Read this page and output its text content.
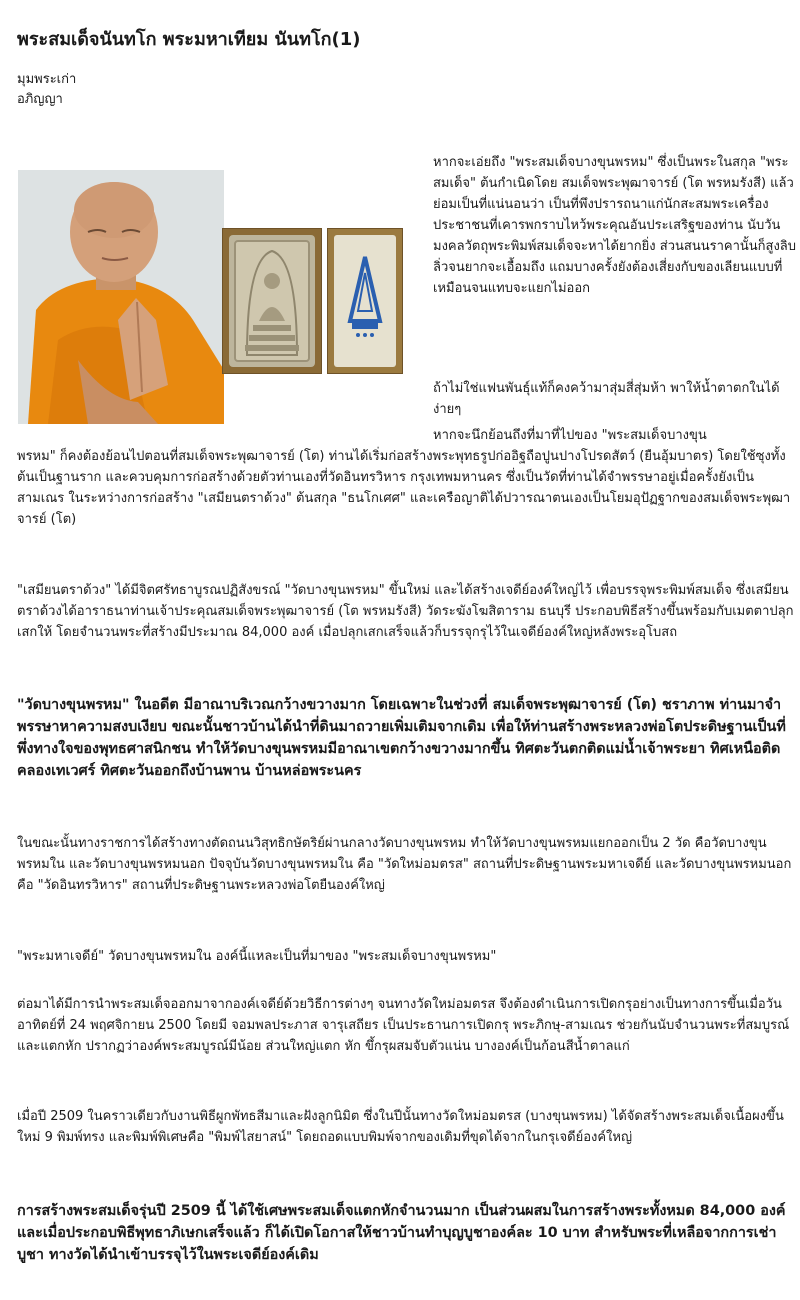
พระสมเด็จนันทโก พระมหาเทียม นันทโก(1)
มุมพระเก่า
อภิญญา

หากจะเอ่ยถึง "พระสมเด็จบางขุนพรหม" ซึ่งเป็นพระในสกุล "พระสมเด็จ" ต้นกำเนิดโดย สมเด็จพระพุฒาจารย์ (โต พรหมรังสี) แล้ว ย่อมเป็นที่แน่นอนว่า เป็นที่พึงปรารถนาแก่นักสะสมพระเครื่องประชาชนที่เคารพกราบไหว้พระคุณอันประเสริฐของท่าน นับวันมงคลวัตถุพระพิมพ์สมเด็จจะหาได้ยากยิ่ง ส่วนสนนราคานั้นก็สูงลิบลิ่วจนยากจะเอื้อมถึง แถมบางครั้งยังต้องเสี่ยงกับของเลียนแบบที่เหมือนจนแทบจะแยกไม่ออก

ถ้าไม่ใช่แฟนพันธุ์แท้ก็คงคว้ามาสุ่มสี่สุ่มห้า พาให้น้ำตาตกในได้ง่ายๆ

หากจะนึกย้อนถึงที่มาที่ไปของ "พระสมเด็จบางขุน

พรหม" ก็คงต้องย้อนไปตอนที่สมเด็จพระพุฒาจารย์ (โต) ท่านได้เริ่มก่อสร้างพระพุทธรูปก่ออิฐถือปูนปางโปรดสัตว์ (ยืนอุ้มบาตร) โดยใช้ซุงทั้งต้นเป็นฐานราก และควบคุมการก่อสร้างด้วยตัวท่านเองที่วัดอินทรวิหาร กรุงเทพมหานคร ซึ่งเป็นวัดที่ท่านได้จำพรรษาอยู่เมื่อครั้งยังเป็นสามเณร ในระหว่างการก่อสร้าง "เสมียนตราด้วง" ต้นสกุล "ธนโกเศศ" และเครือญาติได้ปวารณาตนเองเป็นโยมอุปัฏฐากของสมเด็จพระพุฒาจารย์ (โต)

"เสมียนตราด้วง" ได้มีจิตศรัทธาบูรณปฏิสังขรณ์ "วัดบางขุนพรหม" ขึ้นใหม่ และได้สร้างเจดีย์องค์ใหญ่ไว้ เพื่อบรรจุพระพิมพ์สมเด็จ ซึ่งเสมียนตราด้วงได้อาราธนาท่านเจ้าประคุณสมเด็จพระพุฒาจารย์ (โต พรหมรังสี) วัดระฆังโฆสิตาราม ธนบุรี ประกอบพิธีสร้างขึ้นพร้อมกับเมตตาปลุกเสกให้ โดยจำนวนพระที่สร้างมีประมาณ 84,000 องค์ เมื่อปลุกเสกเสร็จแล้วก็บรรจุกรุไว้ในเจดีย์องค์ใหญ่หลังพระอุโบสถ

"วัดบางขุนพรหม" ในอดีต มีอาณาบริเวณกว้างขวางมาก โดยเฉพาะในช่วงที่ สมเด็จพระพุฒาจารย์ (โต) ชราภาพ ท่านมาจำพรรษาหาความสงบเงียบ ขณะนั้นชาวบ้านได้นำที่ดินมาถวายเพิ่มเติมจากเดิม เพื่อให้ท่านสร้างพระหลวงพ่อโตประดิษฐานเป็นที่พึ่งทางใจของพุทธศาสนิกชน ทำให้วัดบางขุนพรหมมีอาณาเขตกว้างขวางมากขึ้น ทิศตะวันตกติดแม่น้ำเจ้าพระยา ทิศเหนือติดคลองเทเวศร์ ทิศตะวันออกถึงบ้านพาน บ้านหล่อพระนคร

ในขณะนั้นทางราชการได้สร้างทางตัดถนนวิสุทธิกษัตริย์ผ่านกลางวัดบางขุนพรหม ทำให้วัดบางขุนพรหมแยกออกเป็น 2 วัด คือวัดบางขุนพรหมใน และวัดบางขุนพรหมนอก ปัจจุบันวัดบางขุนพรหมใน คือ "วัดใหม่อมตรส" สถานที่ประดิษฐานพระมหาเจดีย์ และวัดบางขุนพรหมนอก คือ "วัดอินทรวิหาร" สถานที่ประดิษฐานพระหลวงพ่อโตยืนองค์ใหญ่

"พระมหาเจดีย์" วัดบางขุนพรหมใน องค์นี้แหละเป็นที่มาของ "พระสมเด็จบางขุนพรหม"

ต่อมาได้มีการนำพระสมเด็จออกมาจากองค์เจดีย์ด้วยวิธีการต่างๆ จนทางวัดใหม่อมตรส จึงต้องดำเนินการเปิดกรุอย่างเป็นทางการขึ้นเมื่อวันอาทิตย์ที่ 24 พฤศจิกายน 2500 โดยมี จอมพลประภาส จารุเสถียร เป็นประธานการเปิดกรุ พระภิกษุ-สามเณร ช่วยกันนับจำนวนพระที่สมบูรณ์และแตกหัก ปรากฏว่าองค์พระสมบูรณ์มีน้อย ส่วนใหญ่แตก หัก ขึ้กรุผสมจับตัวแน่น บางองค์เป็นก้อนสีน้ำตาลแก่

เมื่อปี 2509 ในคราวเดียวกับงานพิธีผูกพัทธสีมาและฝังลูกนิมิต ซึ่งในปีนั้นทางวัดใหม่อมตรส (บางขุนพรหม) ได้จัดสร้างพระสมเด็จเนื้อผงขึ้นใหม่ 9 พิมพ์ทรง และพิมพ์พิเศษคือ "พิมพ์ไสยาสน์" โดยถอดแบบพิมพ์จากของเดิมที่ขุดได้จากในกรุเจดีย์องค์ใหญ่

การสร้างพระสมเด็จรุ่นปี 2509 นี้ ได้ใช้เศษพระสมเด็จแตกหักจำนวนมาก เป็นส่วนผสมในการสร้างพระทั้งหมด 84,000 องค์ และเมื่อประกอบพิธีพุทธาภิเษกเสร็จแล้ว ก็ได้เปิดโอกาสให้ชาวบ้านทำบุญบูชาองค์ละ 10 บาท สำหรับพระที่เหลือจากการเช่าบูชา ทางวัดได้นำเข้าบรรจุไว้ในพระเจดีย์องค์เดิม
